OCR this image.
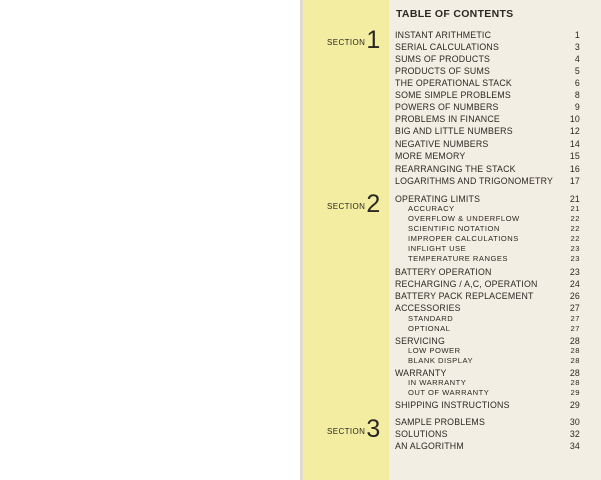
TABLE OF CONTENTS
SECTION1
SECTION2
SECTION3
INSTANT ARITHMETIC	1
SERIAL CALCULATIONS	3
SUMS OF PRODUCTS	4
PRODUCTS OF SUMS	5
THE OPERATIONAL STACK	6
SOME SIMPLE PROBLEMS	8
POWERS OF NUMBERS	9
PROBLEMS IN FINANCE	10
BIG AND LITTLE NUMBERS	12
NEGATIVE NUMBERS	14
MORE MEMORY	15
REARRANGING THE STACK	16
LOGARITHMS AND TRIGONOMETRY 17
OPERATING LIMITS	21
ACCURACY	21
OVERFLOW & UNDERFLOW	22
SCIENTIFIC NOTATION	22
IMPROPER CALCULATIONS	22
INFLIGHT USE	23
TEMPERATURE RANGES	23
BATTERY OPERATION	23
RECHARGING / A,C, OPERATION	24
BATTERY PACK REPLACEMENT	26
ACCESSORIES	27
STANDARD	27
OPTIONAL	27
SERVICING	28
LOW POWER	28
BLANK DISPLAY	28
WARRANTY	28
IN WARRANTY	28
OUT OF WARRANTY	29
SHIPPING INSTRUCTIONS	29
SAMPLE PROBLEMS	30
SOLUTIONS	32
AN ALGORITHM	34
